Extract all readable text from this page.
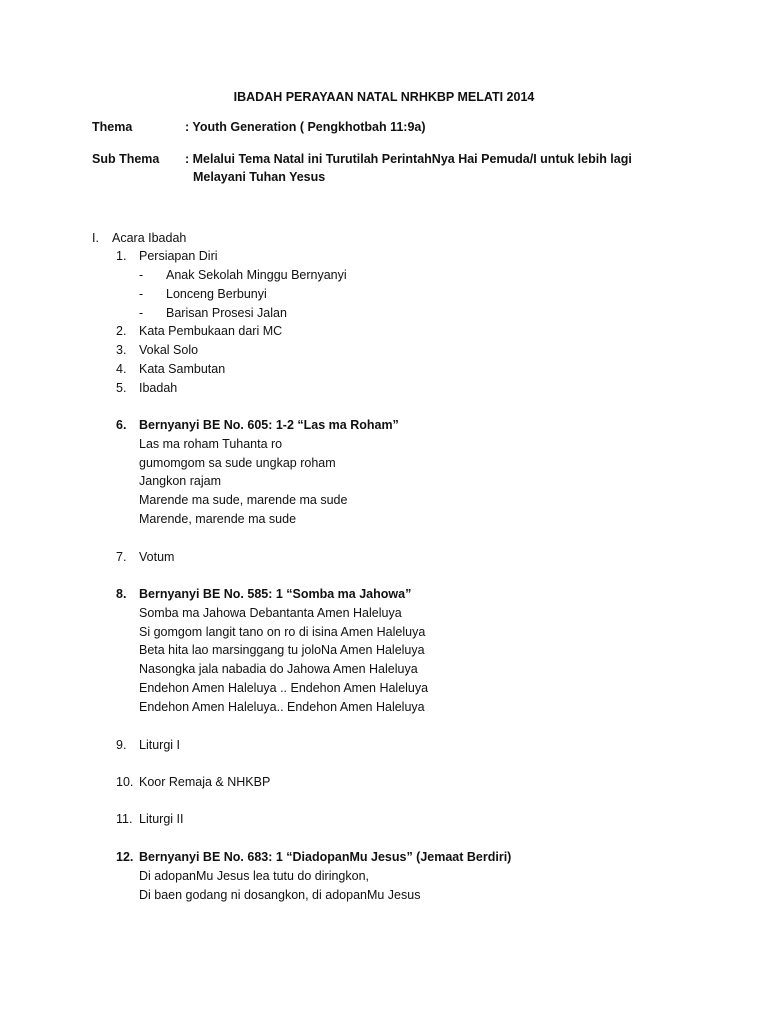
IBADAH PERAYAAN NATAL NRHKBP MELATI 2014
Thema	: Youth Generation ( Pengkhotbah 11:9a)
Sub Thema : Melalui Tema Natal ini Turutilah PerintahNya Hai Pemuda/I untuk lebih lagi
Melayani Tuhan Yesus
I. Acara Ibadah
1. Persiapan Diri
- Anak Sekolah Minggu Bernyanyi
- Lonceng Berbunyi
- Barisan Prosesi Jalan
2. Kata Pembukaan dari MC
3. Vokal Solo
4. Kata Sambutan
5. Ibadah
6. Bernyanyi BE No. 605: 1-2 “Las ma Roham”
Las ma roham Tuhanta ro
gumomgom sa sude ungkap roham
Jangkon rajam
Marende ma sude, marende ma sude
Marende, marende ma sude
7. Votum
8. Bernyanyi BE No. 585: 1 “Somba ma Jahowa”
Somba ma Jahowa Debantanta Amen Haleluya
Si gomgom langit tano on ro di isina Amen Haleluya
Beta hita lao marsinggang tu joloNa Amen Haleluya
Nasongka jala nabadia do Jahowa Amen Haleluya
Endehon Amen Haleluya .. Endehon Amen Haleluya
Endehon Amen Haleluya.. Endehon Amen Haleluya
9. Liturgi I
10. Koor Remaja & NHKBP
11. Liturgi II
12. Bernyanyi BE No. 683: 1 “DiadopanMu Jesus” (Jemaat Berdiri)
Di adopanMu Jesus lea tutu do diringkon,
Di baen godang ni dosangkon, di adopanMu Jesus
